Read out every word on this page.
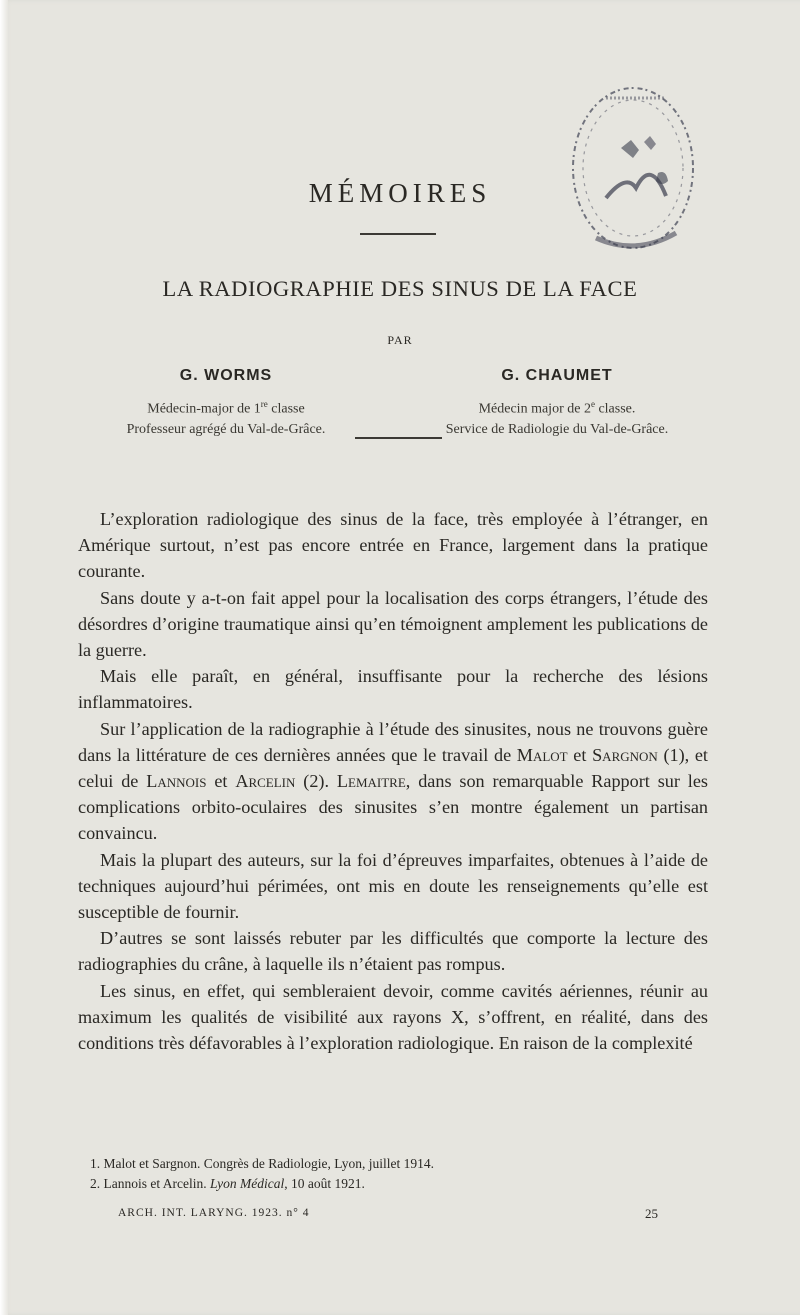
MÉMOIRES
LA RADIOGRAPHIE DES SINUS DE LA FACE
PAR
G. WORMS
Médecin-major de 1re classe
Professeur agrégé du Val-de-Grâce.
G. CHAUMET
Médecin major de 2e classe.
Service de Radiologie du Val-de-Grâce.

L’exploration radiologique des sinus de la face, très employée à l’étranger, en Amérique surtout, n’est pas encore entrée en France, largement dans la pratique courante.

Sans doute y a-t-on fait appel pour la localisation des corps étrangers, l’étude des désordres d’origine traumatique ainsi qu’en témoignent amplement les publications de la guerre.

Mais elle paraît, en général, insuffisante pour la recherche des lésions inflammatoires.

Sur l’application de la radiographie à l’étude des sinusites, nous ne trouvons guère dans la littérature de ces dernières années que le travail de Malot et Sargnon (1), et celui de Lannois et Arcelin (2). Lemaitre, dans son remarquable Rapport sur les complications orbito-oculaires des sinusites s’en montre également un partisan convaincu.

Mais la plupart des auteurs, sur la foi d’épreuves imparfaites, obtenues à l’aide de techniques aujourd’hui périmées, ont mis en doute les renseignements qu’elle est susceptible de fournir.

D’autres se sont laissés rebuter par les difficultés que comporte la lecture des radiographies du crâne, à laquelle ils n’étaient pas rompus.

Les sinus, en effet, qui sembleraient devoir, comme cavités aériennes, réunir au maximum les qualités de visibilité aux rayons X, s’offrent, en réalité, dans des conditions très défavorables à l’exploration radiologique. En raison de la complexité

1. Malot et Sargnon. Congrès de Radiologie, Lyon, juillet 1914.
2. Lannois et Arcelin. Lyon Médical, 10 août 1921.
ARCH. INT. LARYNG. 1923. n° 4	25
